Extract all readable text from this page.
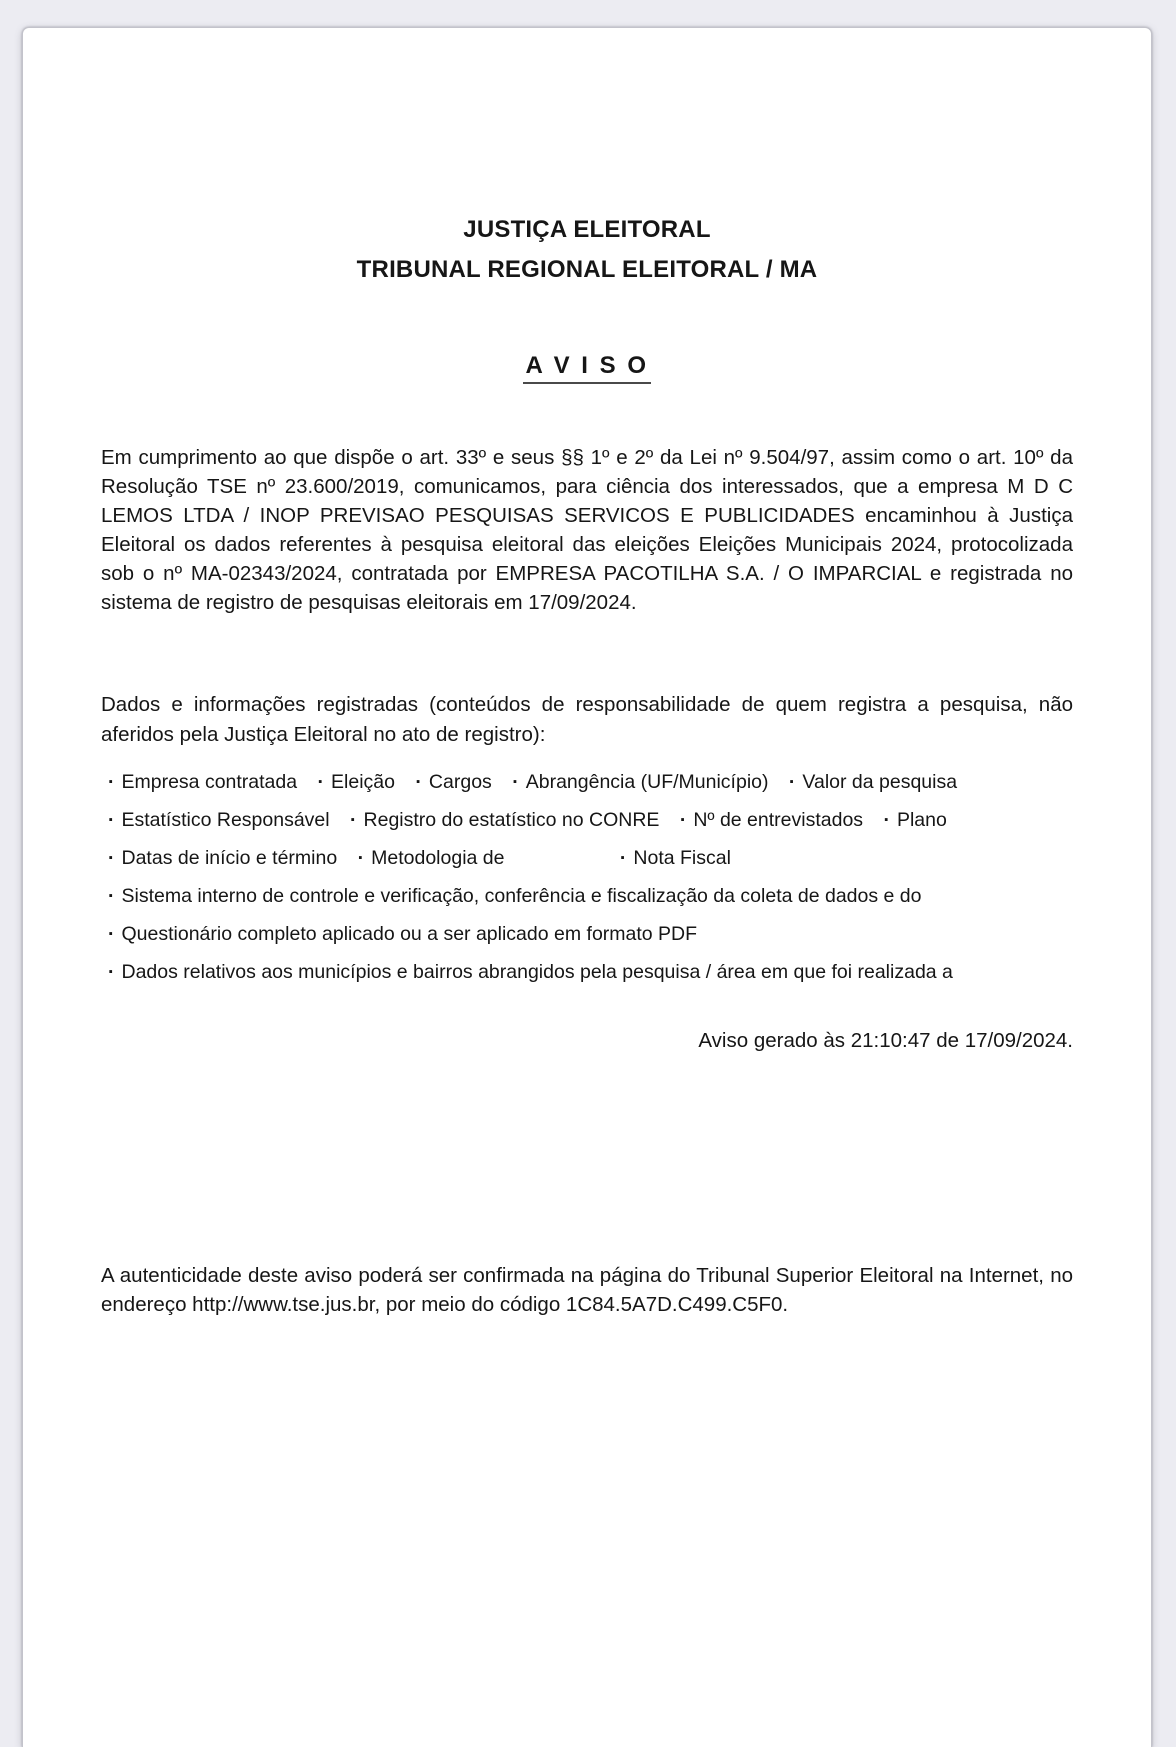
JUSTIÇA ELEITORAL
TRIBUNAL REGIONAL ELEITORAL / MA
A V I S O

Em cumprimento ao que dispõe o art. 33º e seus §§ 1º e 2º da Lei nº 9.504/97, assim como o art. 10º da Resolução TSE nº 23.600/2019, comunicamos, para ciência dos interessados, que a empresa M D C LEMOS LTDA / INOP PREVISAO PESQUISAS SERVICOS E PUBLICIDADES encaminhou à Justiça Eleitoral os dados referentes à pesquisa eleitoral das eleições Eleições Municipais 2024, protocolizada sob o nº MA-02343/2024, contratada por EMPRESA PACOTILHA S.A. / O IMPARCIAL e registrada no sistema de registro de pesquisas eleitorais em 17/09/2024.

Dados e informações registradas (conteúdos de responsabilidade de quem registra a pesquisa, não aferidos pela Justiça Eleitoral no ato de registro):

· Empresa contratada · Eleição · Cargos · Abrangência (UF/Município) · Valor da pesquisa
· Estatístico Responsável · Registro do estatístico no CONRE · Nº de entrevistados · Plano
· Datas de início e término · Metodologia de	· Nota Fiscal
· Sistema interno de controle e verificação, conferência e fiscalização da coleta de dados e do
· Questionário completo aplicado ou a ser aplicado em formato PDF
· Dados relativos aos municípios e bairros abrangidos pela pesquisa / área em que foi realizada a
Aviso gerado às 21:10:47 de 17/09/2024.

A autenticidade deste aviso poderá ser confirmada na página do Tribunal Superior Eleitoral na Internet, no endereço http://www.tse.jus.br, por meio do código 1C84.5A7D.C499.C5F0.
